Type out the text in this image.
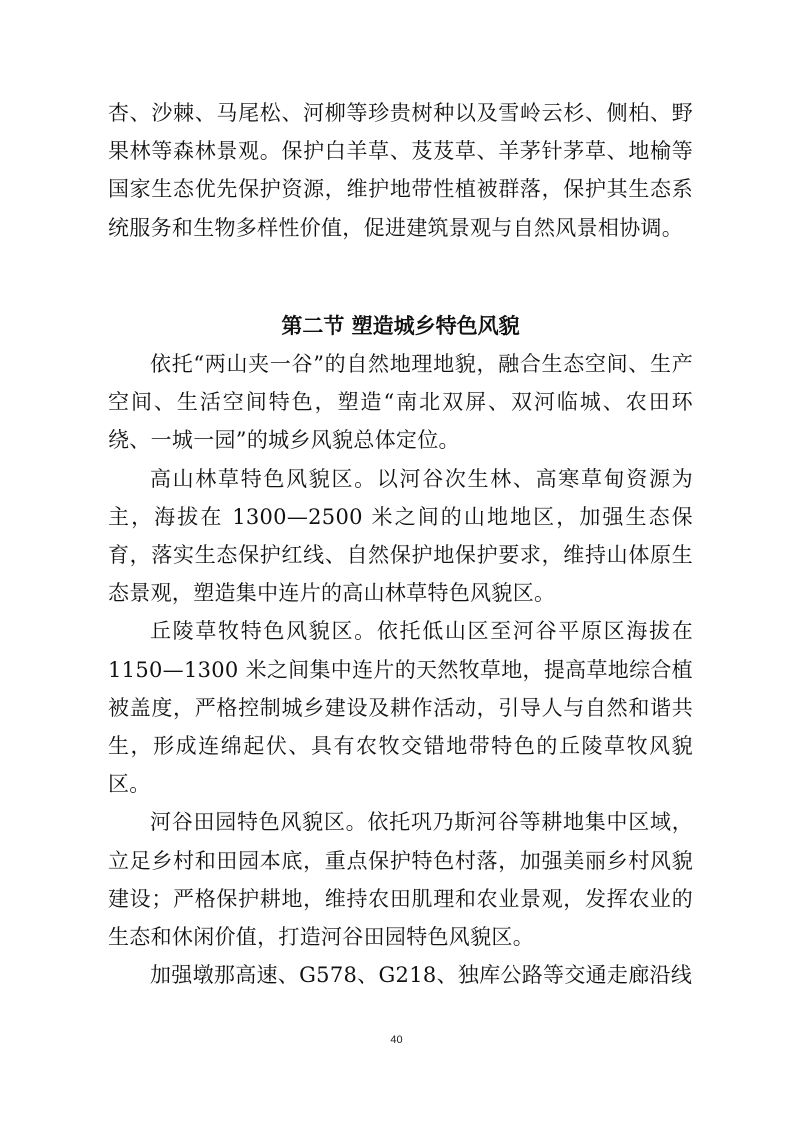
杏、沙棘、马尾松、河柳等珍贵树种以及雪岭云杉、侧柏、野果林等森林景观。保护白羊草、芨芨草、羊茅针茅草、地榆等国家生态优先保护资源，维护地带性植被群落，保护其生态系统服务和生物多样性价值，促进建筑景观与自然风景相协调。

第二节 塑造城乡特色风貌

依托“两山夹一谷”的自然地理地貌，融合生态空间、生产空间、生活空间特色，塑造“南北双屏、双河临城、农田环绕、一城一园”的城乡风貌总体定位。

高山林草特色风貌区。以河谷次生林、高寒草甸资源为主，海拔在 1300—2500 米之间的山地地区，加强生态保育，落实生态保护红线、自然保护地保护要求，维持山体原生态景观，塑造集中连片的高山林草特色风貌区。

丘陵草牧特色风貌区。依托低山区至河谷平原区海拔在 1150—1300 米之间集中连片的天然牧草地，提高草地综合植被盖度，严格控制城乡建设及耕作活动，引导人与自然和谐共生，形成连绵起伏、具有农牧交错地带特色的丘陵草牧风貌区。

河谷田园特色风貌区。依托巩乃斯河谷等耕地集中区域，立足乡村和田园本底，重点保护特色村落，加强美丽乡村风貌建设；严格保护耕地，维持农田肌理和农业景观，发挥农业的生态和休闲价值，打造河谷田园特色风貌区。

加强墩那高速、G578、G218、独库公路等交通走廊沿线

40
